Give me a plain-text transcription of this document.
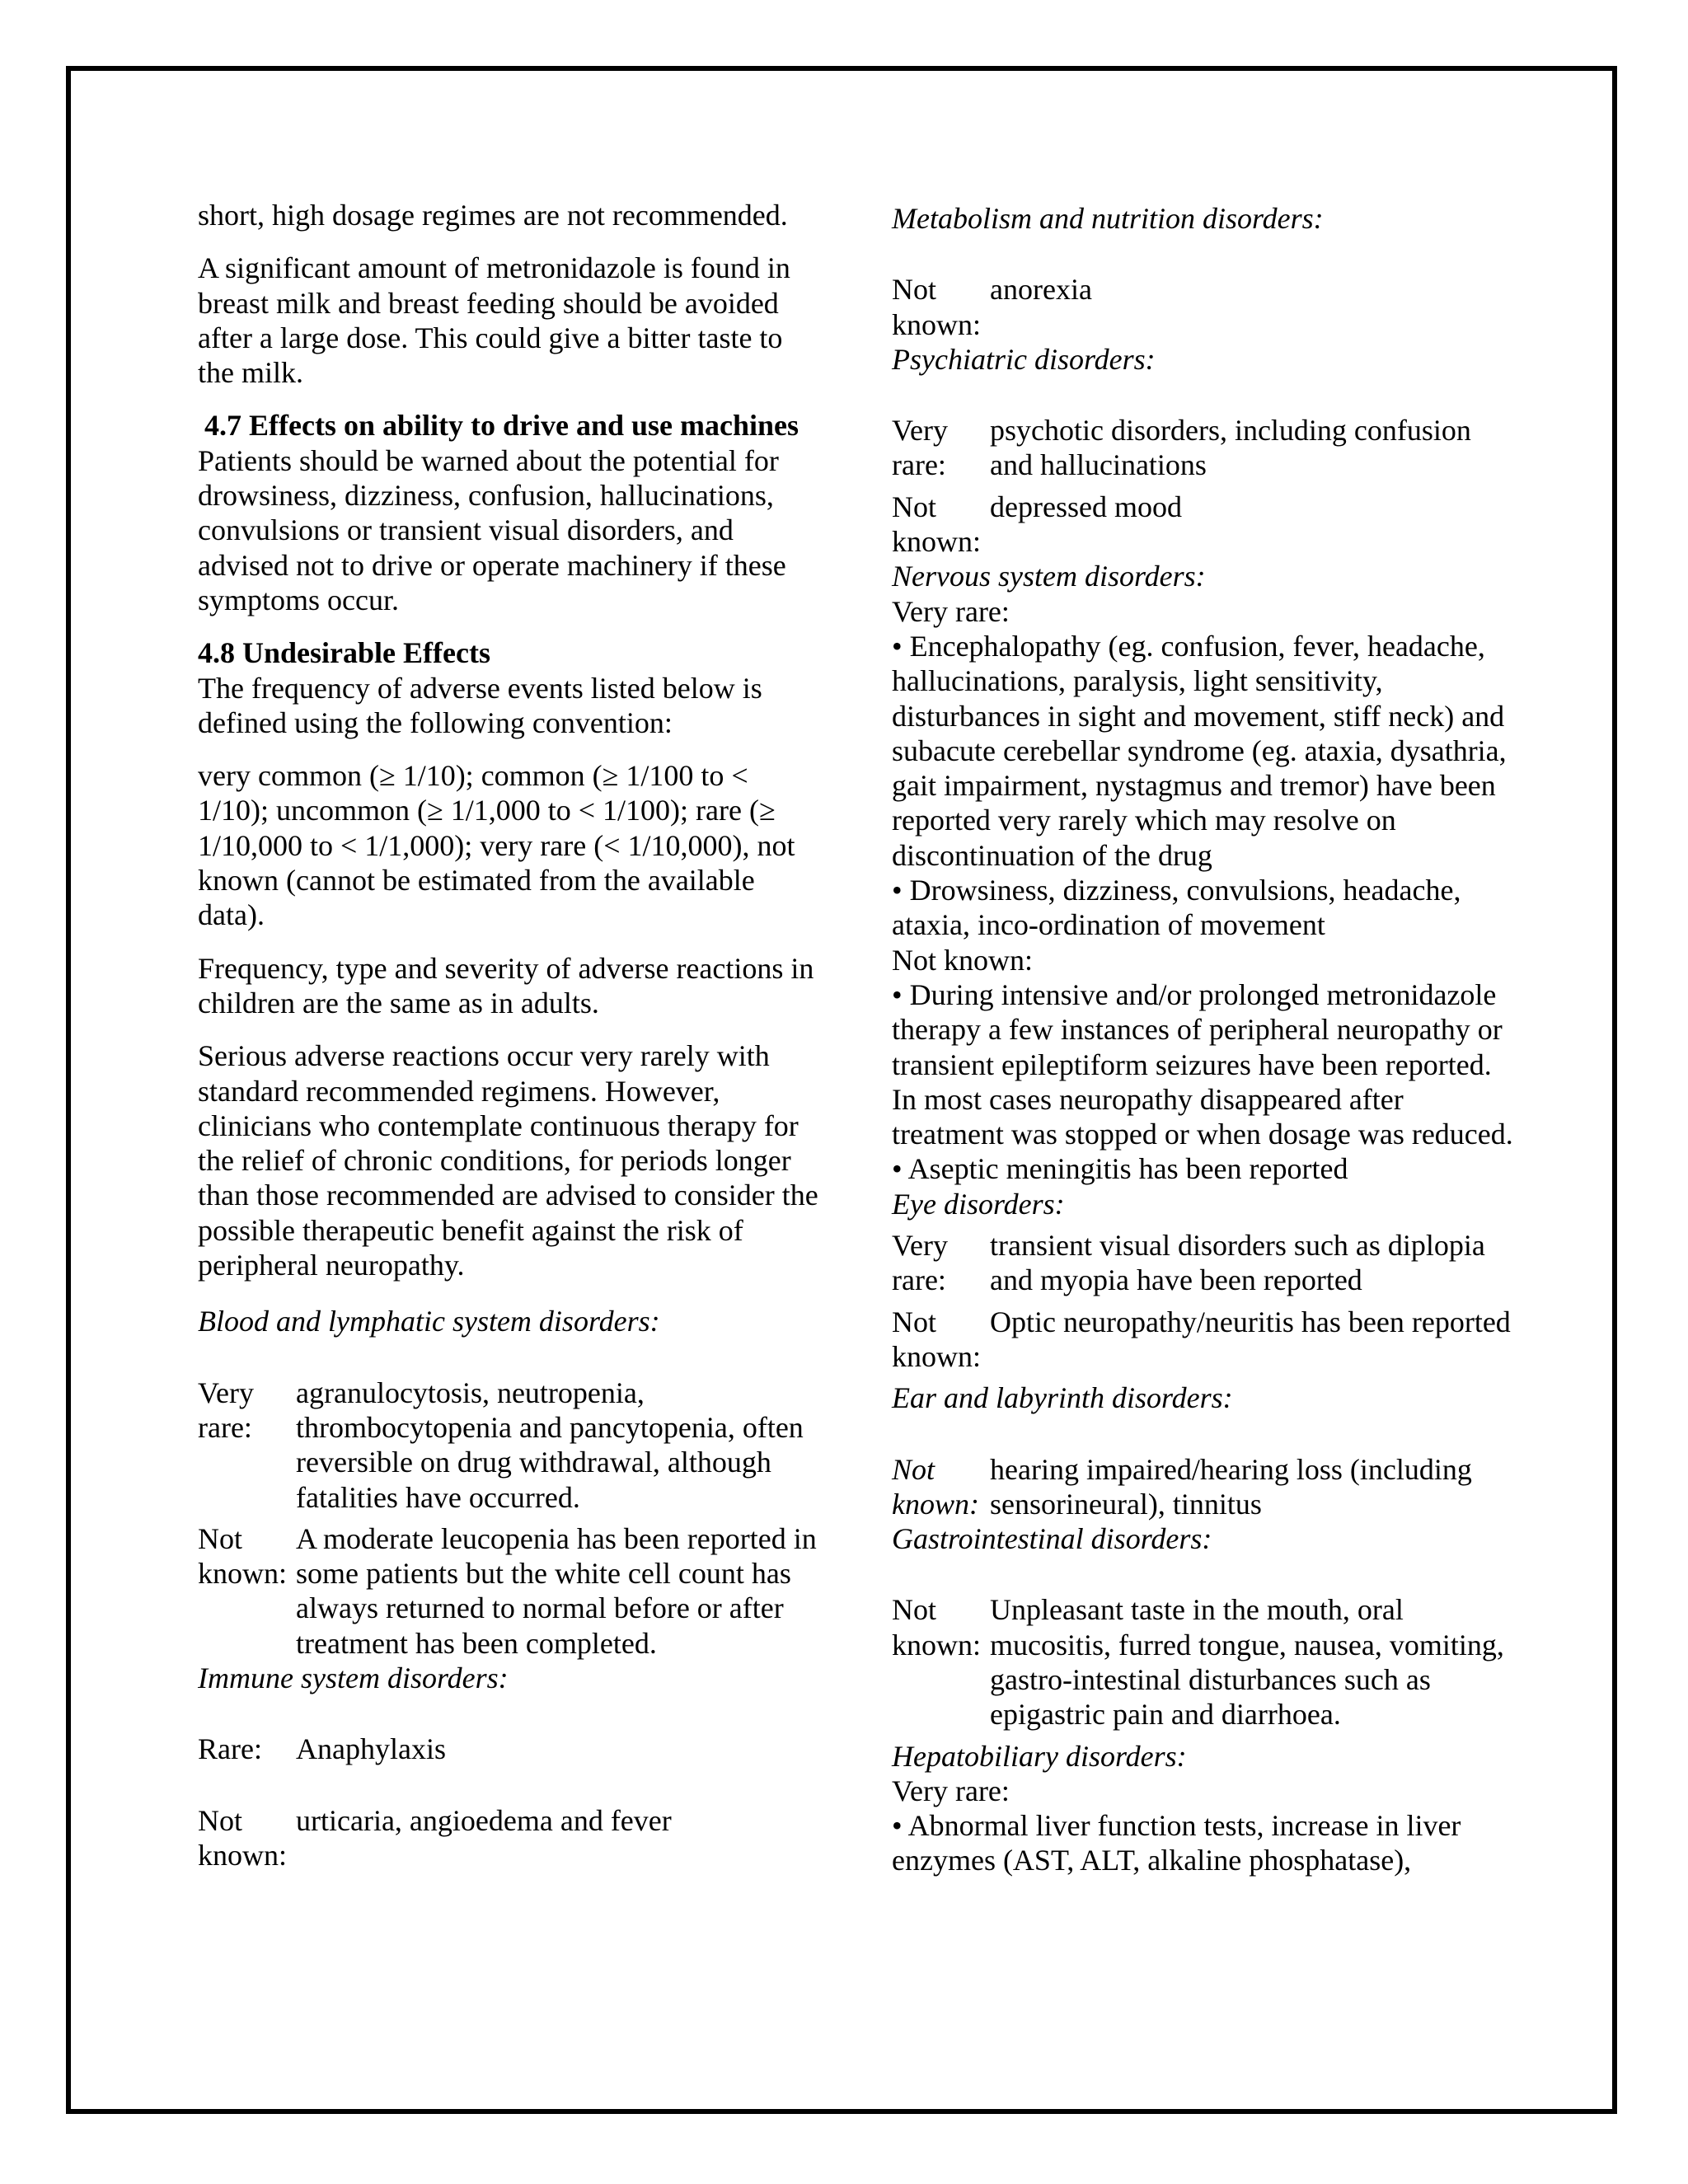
short, high dosage regimes are not recommended.

A significant amount of metronidazole is found in breast milk and breast feeding should be avoided after a large dose. This could give a bitter taste to the milk.

4.7 Effects on ability to drive and use machines

Patients should be warned about the potential for drowsiness, dizziness, confusion, hallucinations, convulsions or transient visual disorders, and advised not to drive or operate machinery if these symptoms occur.

4.8 Undesirable Effects

The frequency of adverse events listed below is defined using the following convention:

very common (≥ 1/10); common (≥ 1/100 to < 1/10); uncommon (≥ 1/1,000 to < 1/100); rare (≥ 1/10,000 to < 1/1,000); very rare (< 1/10,000), not known (cannot be estimated from the available data).

Frequency, type and severity of adverse reactions in children are the same as in adults.

Serious adverse reactions occur very rarely with standard recommended regimens. However, clinicians who contemplate continuous therapy for the relief of chronic conditions, for periods longer than those recommended are advised to consider the possible therapeutic benefit against the risk of peripheral neuropathy.

Blood and lymphatic system disorders:

Very rare:
agranulocytosis, neutropenia, thrombocytopenia and pancytopenia, often reversible on drug withdrawal, although fatalities have occurred.
Not known:
A moderate leucopenia has been reported in some patients but the white cell count has always returned to normal before or after treatment has been completed.

Immune system disorders:

Rare:	Anaphylaxis
Not known:
urticaria, angioedema and fever

Metabolism and nutrition disorders:

Not known:
anorexia

Psychiatric disorders:

Very rare:
psychotic disorders, including confusion and hallucinations
Not known:
depressed mood

Nervous system disorders:

Very rare:

• Encephalopathy (eg. confusion, fever, headache, hallucinations, paralysis, light sensitivity, disturbances in sight and movement, stiff neck) and subacute cerebellar syndrome (eg. ataxia, dysathria, gait impairment, nystagmus and tremor) have been reported very rarely which may resolve on discontinuation of the drug

• Drowsiness, dizziness, convulsions, headache, ataxia, inco-ordination of movement

Not known:

• During intensive and/or prolonged metronidazole therapy a few instances of peripheral neuropathy or transient epileptiform seizures have been reported. In most cases neuropathy disappeared after treatment was stopped or when dosage was reduced.

• Aseptic meningitis has been reported

Eye disorders:

Very rare:
transient visual disorders such as diplopia and myopia have been reported
Not known:
Optic neuropathy/neuritis has been reported

Ear and labyrinth disorders:

Not known:
hearing impaired/hearing loss (including sensorineural), tinnitus

Gastrointestinal disorders:

Not known:
Unpleasant taste in the mouth, oral mucositis, furred tongue, nausea, vomiting, gastro-intestinal disturbances such as epigastric pain and diarrhoea.

Hepatobiliary disorders:

Very rare:

• Abnormal liver function tests, increase in liver enzymes (AST, ALT, alkaline phosphatase),
